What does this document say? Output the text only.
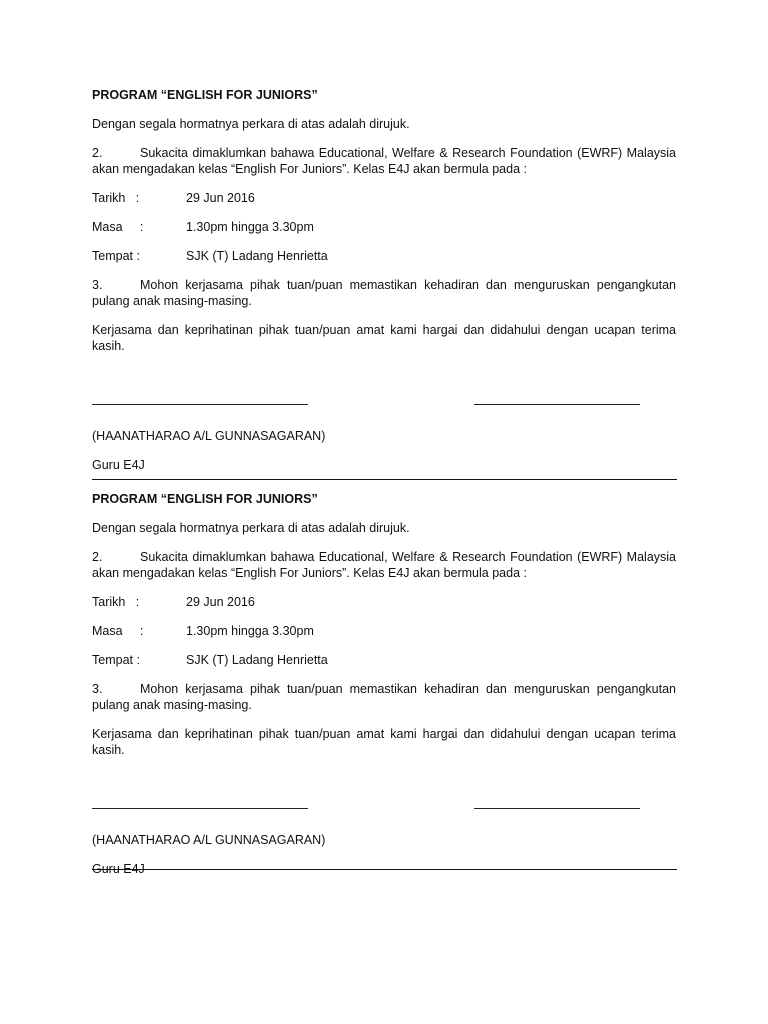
PROGRAM “ENGLISH FOR JUNIORS”

Dengan segala hormatnya perkara di atas adalah dirujuk.

2.	Sukacita dimaklumkan bahawa Educational, Welfare & Research Foundation (EWRF) Malaysia akan mengadakan kelas “English For Juniors”. Kelas E4J akan bermula pada :

Tarikh   :	29 Jun 2016
Masa     :	1.30pm hingga 3.30pm
Tempat :	SJK (T) Ladang Henrietta

3.	Mohon kerjasama pihak tuan/puan memastikan kehadiran dan menguruskan pengangkutan pulang anak masing-masing.

Kerjasama dan keprihatinan pihak tuan/puan amat kami hargai dan didahului dengan ucapan terima kasih.

(HAANATHARAO A/L GUNNASAGARAN)

Guru E4J

PROGRAM “ENGLISH FOR JUNIORS”

Dengan segala hormatnya perkara di atas adalah dirujuk.

2.	Sukacita dimaklumkan bahawa Educational, Welfare & Research Foundation (EWRF) Malaysia akan mengadakan kelas “English For Juniors”. Kelas E4J akan bermula pada :

Tarikh   :	29 Jun 2016
Masa     :	1.30pm hingga 3.30pm
Tempat :	SJK (T) Ladang Henrietta

3.	Mohon kerjasama pihak tuan/puan memastikan kehadiran dan menguruskan pengangkutan pulang anak masing-masing.

Kerjasama dan keprihatinan pihak tuan/puan amat kami hargai dan didahului dengan ucapan terima kasih.

(HAANATHARAO A/L GUNNASAGARAN)

Guru E4J
